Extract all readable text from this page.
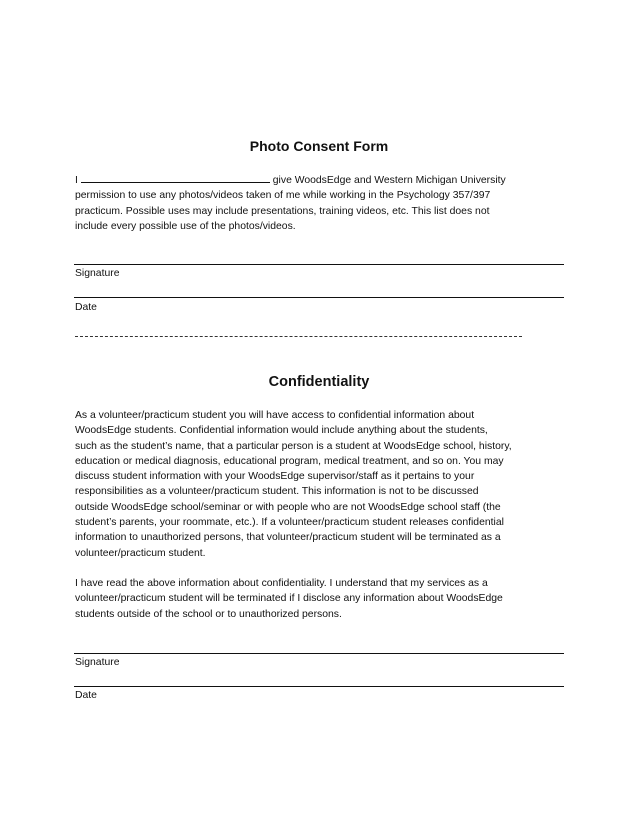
Photo Consent Form
I	give WoodsEdge and Western Michigan University
permission to use any photos/videos taken of me while working in the Psychology 357/397
practicum. Possible uses may include presentations, training videos, etc. This list does not
include every possible use of the photos/videos.

Signature

Date

Confidentiality
As a volunteer/practicum student you will have access to confidential information about
WoodsEdge students. Confidential information would include anything about the students,
such as the student’s name, that a particular person is a student at WoodsEdge school, history,
education or medical diagnosis, educational program, medical treatment, and so on. You may
discuss student information with your WoodsEdge supervisor/staff as it pertains to your
responsibilities as a volunteer/practicum student. This information is not to be discussed
outside WoodsEdge school/seminar or with people who are not WoodsEdge school staff (the
student’s parents, your roommate, etc.). If a volunteer/practicum student releases confidential
information to unauthorized persons, that volunteer/practicum student will be terminated as a
volunteer/practicum student.
I have read the above information about confidentiality. I understand that my services as a
volunteer/practicum student will be terminated if I disclose any information about WoodsEdge
students outside of the school or to unauthorized persons.

Signature

Date
